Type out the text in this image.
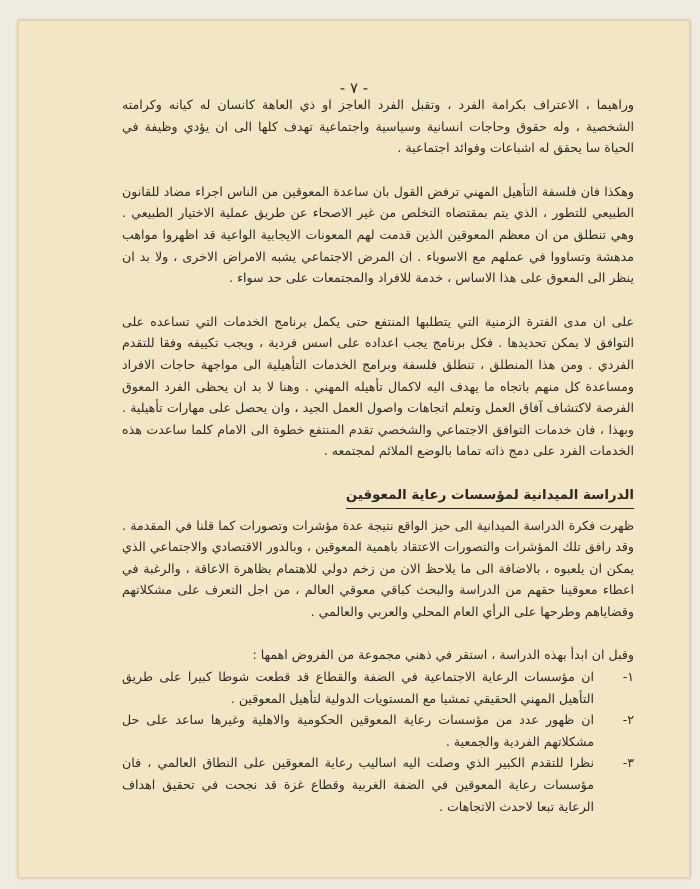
- ٧ -

وراهيما ، الاعتراف بكرامة الفرد ، وتقبل الفرد العاجز او ذي العاهة كانسان له كيانه وكرامته الشخصية ، وله حقوق وحاجات انسانية وسياسية واجتماعية تهدف كلها الى ان يؤدي وظيفة في الحياة سا يحقق له اشباعات وفوائد اجتماعية .

وهكذا فان فلسفة التأهيل المهني ترفض القول بان ساعدة المعوقين من الناس اجراء مضاد للقانون الطبيعي للتطور ، الذي يتم بمقتضاه التخلص من غير الاصحاء عن طريق عملية الاختيار الطبيعي . وهي تنطلق من ان معظم المعوقين الذين قدمت لهم المعونات الايجابية الواعية قد اظهروا مواهب مدهشة وتساووا في عملهم مع الاسوياء . ان المرض الاجتماعي يشبه الامراض الاخرى ، ولا بد ان ينظر الى المعوق على هذا الاساس ، خدمة للافراد والمجتمعات على حد سواء .

على ان مدى الفترة الزمنية التي يتطلبها المنتفع حتى يكمل برنامج الخدمات التي تساعده على التوافق لا يمكن تحديدها . فكل برنامج يجب اعداده على اسس فردية ، ويجب تكييفه وفقا للتقدم الفردي . ومن هذا المنطلق ، تنطلق فلسفة وبرامج الخدمات التأهيلية الى مواجهة حاجات الافراد ومساعدة كل منهم باتجاه ما يهدف اليه لاكمال تأهيله المهني . وهنا لا بد ان يحظى الفرد المعوق الفرصة لاكتشاف آفاق العمل وتعلم اتجاهات واصول العمل الجيد ، وان يحصل على مهارات تأهيلية . وبهذا ، فان خدمات التوافق الاجتماعي والشخصي تقدم المنتفع خطوة الى الامام كلما ساعدت هذه الخدمات الفرد على دمج ذاته تماما بالوضع الملائم لمجتمعه .

الدراسة الميدانية لمؤسسات رعاية المعوقين

ظهرت فكرة الدراسة الميدانية الى حيز الواقع نتيجة عدة مؤشرات وتصورات كما قلنا في المقدمة . وقد رافق تلك المؤشرات والتصورات الاعتقاد باهمية المعوقين ، وبالدور الاقتصادي والاجتماعي الذي يمكن ان يلعبوه ، بالاضافة الى ما يلاحظ الان من زخم دولي للاهتمام بظاهرة الاعاقة ، والرغبة في اعطاء معوقينا حقهم من الدراسة والبحث كباقي معوقي العالم ، من اجل التعرف على مشكلاتهم وقضاياهم وطرحها على الرأي العام المحلي والعربي والعالمي .

وقبل ان ابدأ بهذه الدراسة ، استقر في ذهني مجموعة من الفروض اهمها :

١-
ان مؤسسات الرعاية الاجتماعية في الضفة والقطاع قد قطعت شوطا كبيرا على طريق التأهيل المهني الحقيقي تمشيا مع المستويات الدولية لتأهيل المعوقين .
٢-
ان ظهور عدد من مؤسسات رعاية المعوقين الحكومية والاهلية وغيرها ساعد على حل مشكلاتهم الفردية والجمعية .
٣-
نظرا للتقدم الكبير الذي وصلت اليه اساليب رعاية المعوقين على النطاق العالمي ، فان مؤسسات رعاية المعوقين في الضفة الغربية وقطاع غزة قد نجحت في تحقيق اهداف الرعاية تبعا لاحدث الاتجاهات .
